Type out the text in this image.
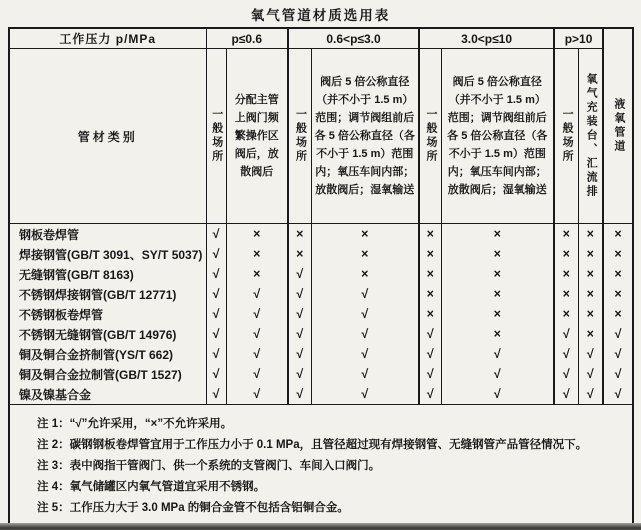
氧气管道材质选用表
工作压力 p/MPa	p≤0.6		0.6<p≤3.0		3.0<p≤10		p>10		液氧管道

管材类别	一般场所	分配主管上阀门频繁操作区阀后，放散阀后	一般场所	阀后 5 倍公称直径（并不小于 1.5 m）范围；调节阀组前后各 5 倍公称直径（各不小于 1.5 m）范围内；氧压车间内部；放散阀后；湿氧输送	一般场所	阀后 5 倍公称直径（并不小于 1.5 m）范围；调节阀组前后各 5 倍公称直径（各不小于 1.5 m）范围内；氧压车间内部；放散阀后；湿氧输送	一般场所	氧气充装台、汇流排	

钢板卷焊管	√	×	×	×	×	×	×	×	×
焊接钢管(GB/T 3091、SY/T 5037)	√	×	×	×	×	×	×	×	×
无缝钢管(GB/T 8163)	√	×	√	×	×	×	×	×	×
不锈钢焊接钢管(GB/T 12771)	√	√	√	√	×	×	×	×	×
不锈钢板卷焊管	√	√	√	√	×	×	×	×	×
不锈钢无缝钢管(GB/T 14976)	√	√	√	√	√	×	√	×	√
铜及铜合金挤制管(YS/T 662)	√	√	√	√	√	√	√	√	√
铜及铜合金拉制管(GB/T 1527)	√	√	√	√	√	√	√	√	√
镍及镍基合金	√	√	√	√	√	√	√	√	√

注 1：“√”允许采用，“×”不允许采用。
注 2：碳钢钢板卷焊管宜用于工作压力小于 0.1 MPa，且管径超过现有焊接钢管、无缝钢管产品管径情况下。
注 3：表中阀指干管阀门、供一个系统的支管阀门、车间入口阀门。
注 4：氧气储罐区内氧气管道宜采用不锈钢。
注 5：工作压力大于 3.0 MPa 的铜合金管不包括含铝铜合金。									
